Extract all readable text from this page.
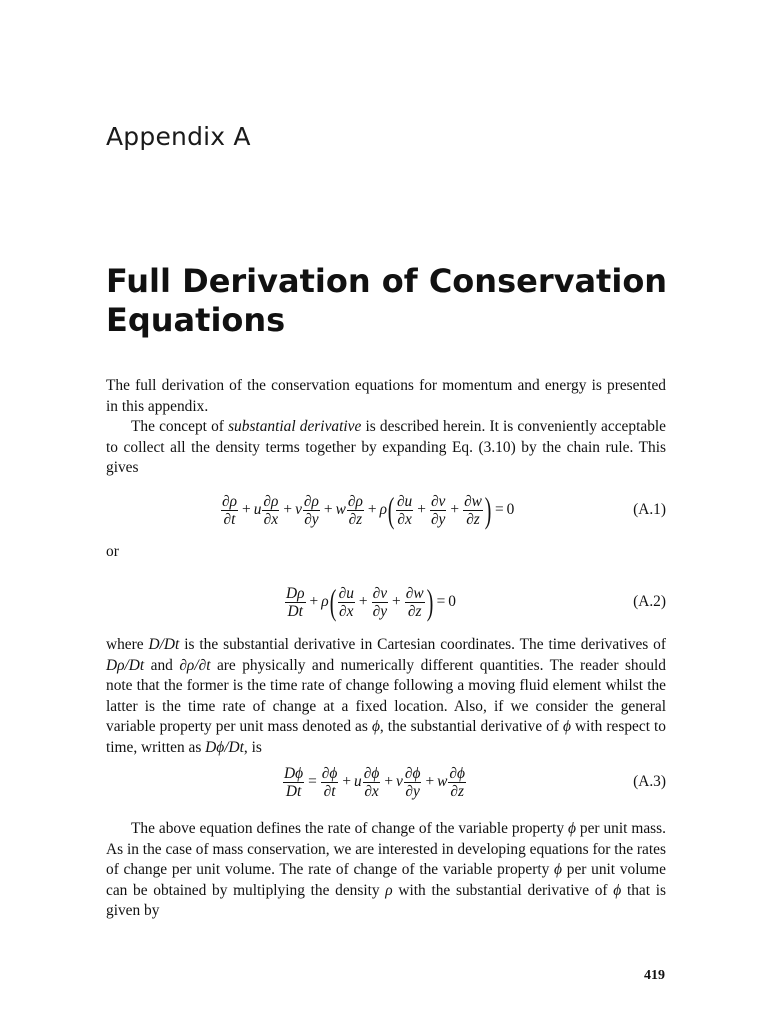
Appendix A
Full Derivation of Conservation Equations

The full derivation of the conservation equations for momentum and energy is presented in this appendix.

The concept of substantial derivative is described herein. It is conveniently acceptable to collect all the density terms together by expanding Eq. (3.10) by the chain rule. This gives

$\frac{\partial\rho}{\partial t} + u \frac{\partial\rho}{\partial x} + v \frac{\partial\rho}{\partial y} + w \frac{\partial\rho}{\partial z} + \rho$ ( $\frac{\partial u}{\partial x} + \frac{\partial v}{\partial y} + \frac{\partial w}{\partial z}$ ) = 0	(A.1)

or

$\frac{D\rho}{Dt} + \rho$ ( $\frac{\partial u}{\partial x} + \frac{\partial v}{\partial y} + \frac{\partial w}{\partial z}$ ) = 0	(A.2)

where D/Dt is the substantial derivative in Cartesian coordinates. The time derivatives of Dρ/Dt and ∂ρ/∂t are physically and numerically different quantities. The reader should note that the former is the time rate of change following a moving fluid element whilst the latter is the time rate of change at a fixed location. Also, if we consider the general variable property per unit mass denoted as ϕ, the substantial derivative of ϕ with respect to time, written as Dϕ/Dt, is

$\frac{D\phi}{Dt} = \frac{\partial\phi}{\partial t} + u \frac{\partial\phi}{\partial x} + v \frac{\partial\phi}{\partial y} + w \frac{\partial\phi}{\partial z}$	(A.3)

The above equation defines the rate of change of the variable property ϕ per unit mass. As in the case of mass conservation, we are interested in developing equations for the rates of change per unit volume. The rate of change of the variable property ϕ per unit volume can be obtained by multiplying the density ρ with the substantial derivative of ϕ that is given by

419
